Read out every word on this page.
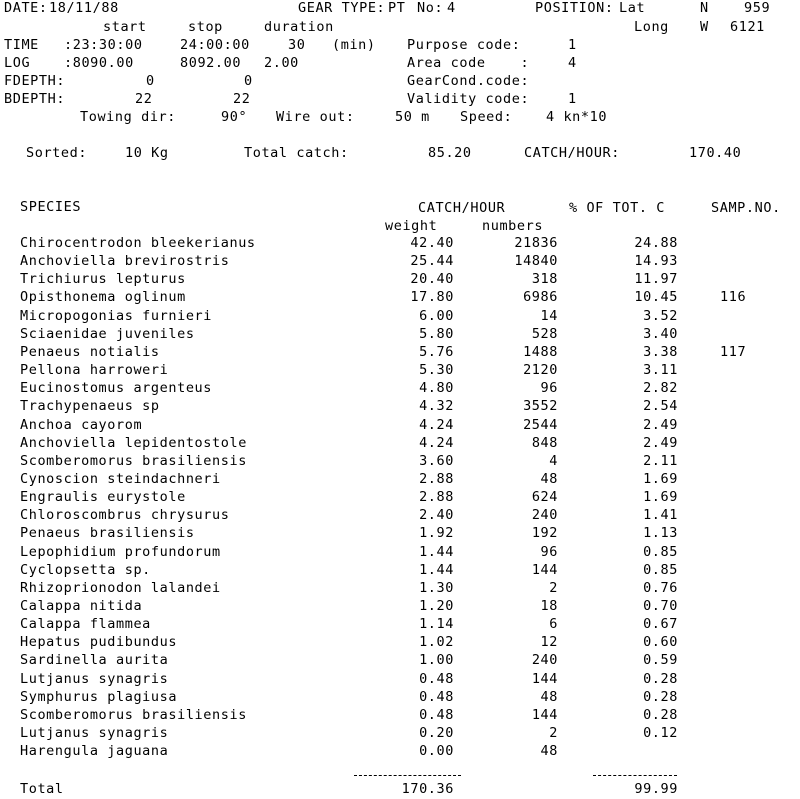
DATE: 18/11/88	GEAR TYPE: PT No: 4	POSITION: Lat	N	959
start	stop	duration	Long W 6121
TIME :23:30:00	24:00:00	30 (min) Purpose code:	1
LOG	:8090.00	8092.00 2.00	Area code    :	4
FDEPTH:	0	0	GearCond.code:
BDEPTH:	22	22	Validity code:	1
Towing dir:	90° Wire out:	50 m Speed: 4 kn*10
Sorted:	10 Kg	Total catch:	85.20	CATCH/HOUR:	170.40
SPECIES	CATCH/HOUR	% OF TOT. C	SAMP.NO.
weight	numbers
Chirocentrodon bleekerianus	42.40	21836	24.88
Anchoviella brevirostris	25.44	14840	14.93
Trichiurus lepturus	20.40	318	11.97
Opisthonema oglinum	17.80	6986	10.45	116
Micropogonias furnieri	6.00	14	3.52
Sciaenidae juveniles	5.80	528	3.40
Penaeus notialis	5.76	1488	3.38	117
Pellona harroweri	5.30	2120	3.11
Eucinostomus argenteus	4.80	96	2.82
Trachypenaeus sp	4.32	3552	2.54
Anchoa cayorom	4.24	2544	2.49
Anchoviella lepidentostole	4.24	848	2.49
Scomberomorus brasiliensis	3.60	4	2.11
Cynoscion steindachneri	2.88	48	1.69
Engraulis eurystole	2.88	624	1.69
Chloroscombrus chrysurus	2.40	240	1.41
Penaeus brasiliensis	1.92	192	1.13
Lepophidium profundorum	1.44	96	0.85
Cyclopsetta sp.	1.44	144	0.85
Rhizoprionodon lalandei	1.30	2	0.76
Calappa nitida	1.20	18	0.70
Calappa flammea	1.14	6	0.67
Hepatus pudibundus	1.02	12	0.60
Sardinella aurita	1.00	240	0.59
Lutjanus synagris	0.48	144	0.28
Symphurus plagiusa	0.48	48	0.28
Scomberomorus brasiliensis	0.48	144	0.28
Lutjanus synagris	0.20	2	0.12
Harengula jaguana	0.00	48
Total	170.36	99.99
